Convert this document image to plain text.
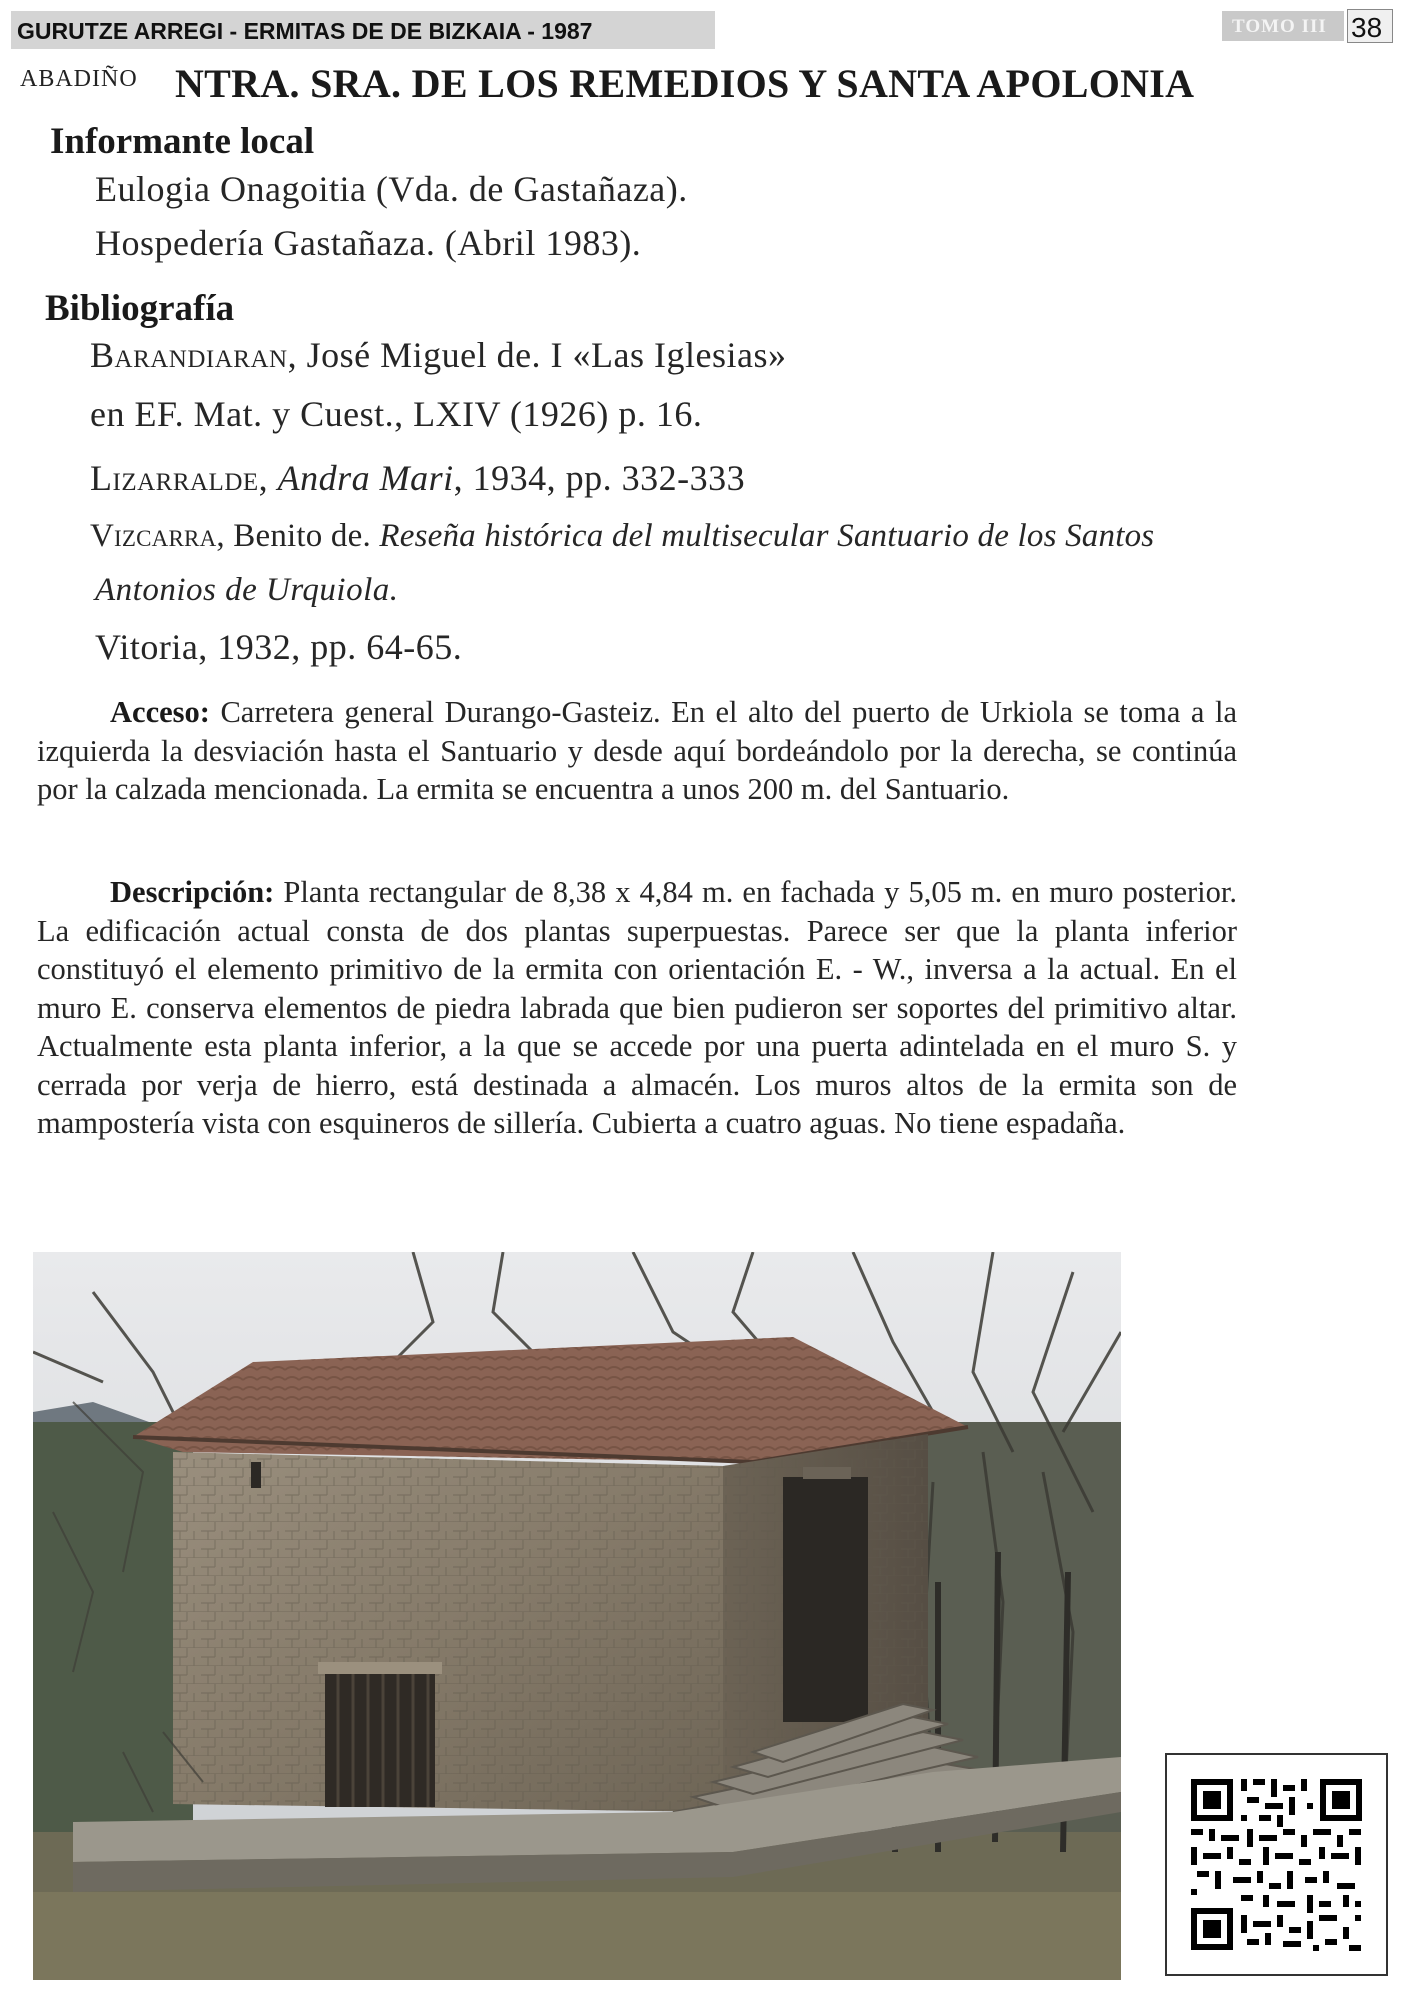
GURUTZE ARREGI - ERMITAS DE DE BIZKAIA - 1987	TOMO III 38
ABADIÑO NTRA. SRA. DE LOS REMEDIOS Y SANTA APOLONIA
Informante local
Eulogia Onagoitia (Vda. de Gastañaza).
Hospedería Gastañaza. (Abril 1983).
Bibliografía
Barandiaran, José Miguel de. I «Las Iglesias»
en EF. Mat. y Cuest., LXIV (1926) p. 16.
Lizarralde, Andra Mari, 1934, pp. 332-333
Vizcarra, Benito de. Reseña histórica del multisecular Santuario de los Santos
Antonios de Urquiola.
Vitoria, 1932, pp. 64-65.
Acceso: Carretera general Durango-Gasteiz. En el alto del puerto de Urkiola se toma a la izquierda la desviación hasta el Santuario y desde aquí bordeándolo por la derecha, se continúa por la calzada mencionada. La ermita se encuentra a unos 200 m. del Santuario.
Descripción: Planta rectangular de 8,38 x 4,84 m. en fachada y 5,05 m. en muro posterior. La edificación actual consta de dos plantas superpuestas. Parece ser que la planta inferior constituyó el elemento primitivo de la ermita con orientación E. - W., inversa a la actual. En el muro E. conserva elementos de piedra labrada que bien pudieron ser soportes del primitivo altar. Actualmente esta planta inferior, a la que se accede por una puerta adintelada en el muro S. y cerrada por verja de hierro, está destinada a almacén. Los muros altos de la ermita son de mampostería vista con esquineros de sillería. Cubierta a cuatro aguas. No tiene espadaña.
